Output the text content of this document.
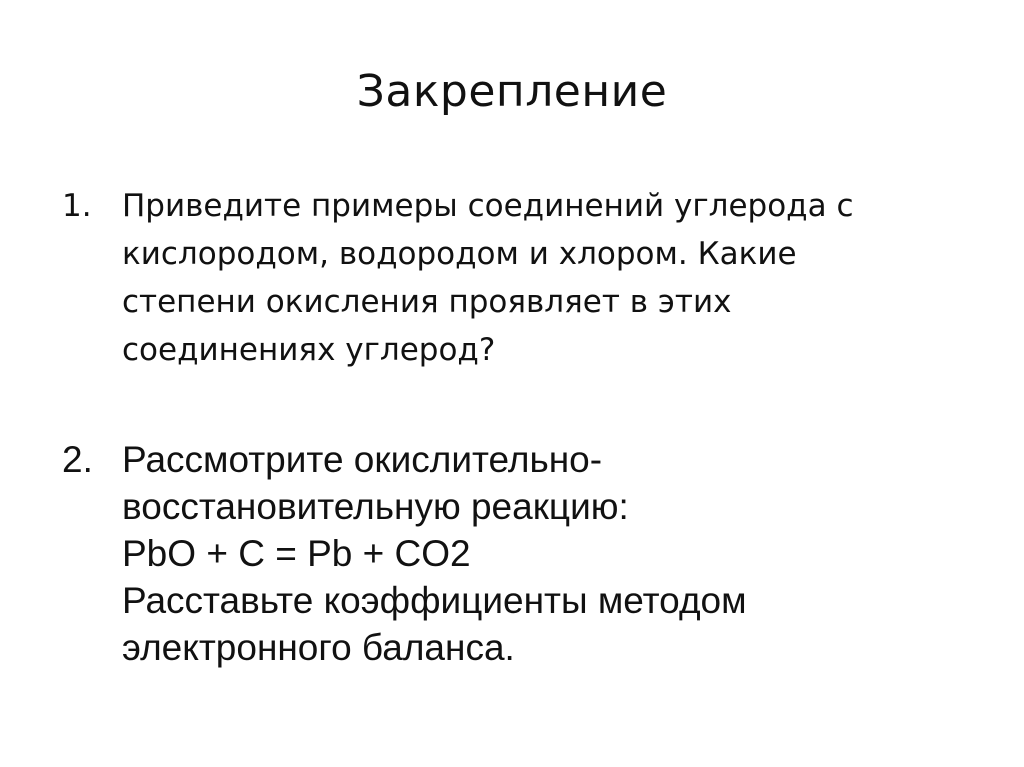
Закрепление
1. Приведите примеры соединений углерода с
кислородом, водородом и хлором. Какие
степени окисления проявляет в этих
соединениях углерод?
2. Рассмотрите окислительно-
восстановительную реакцию:
PbO + C = Pb + CO2
Расставьте коэффициенты методом
электронного баланса.
